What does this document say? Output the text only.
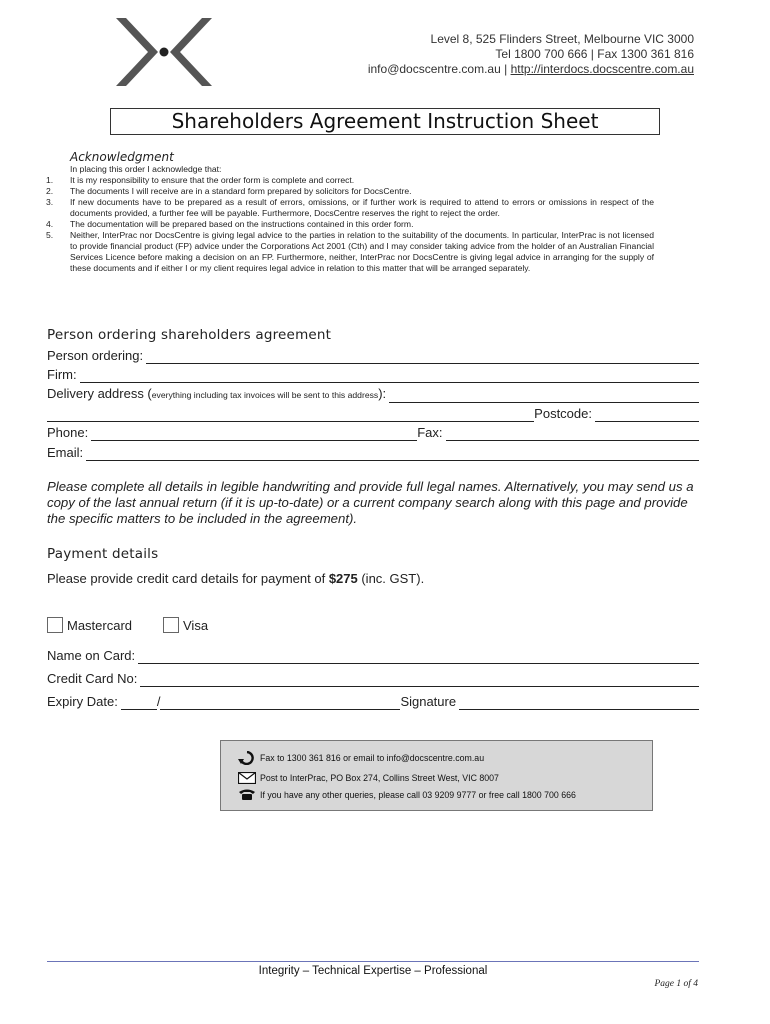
Level 8, 525 Flinders Street, Melbourne VIC 3000
Tel 1800 700 666 | Fax 1300 361 816
info@docscentre.com.au | http://interdocs.docscentre.com.au
Shareholders Agreement Instruction Sheet
Acknowledgment
In placing this order I acknowledge that:
1. It is my responsibility to ensure that the order form is complete and correct.
2. The documents I will receive are in a standard form prepared by solicitors for DocsCentre.
3. If new documents have to be prepared as a result of errors, omissions, or if further work is required to attend to errors or omissions in respect of the documents provided, a further fee will be payable. Furthermore, DocsCentre reserves the right to reject the order.
4. The documentation will be prepared based on the instructions contained in this order form.
5. Neither, InterPrac nor DocsCentre is giving legal advice to the parties in relation to the suitability of the documents. In particular, InterPrac is not licensed to provide financial product (FP) advice under the Corporations Act 2001 (Cth) and I may consider taking advice from the holder of an Australian Financial Services Licence before making a decision on an FP. Furthermore, neither, InterPrac nor DocsCentre is giving legal advice in arranging for the supply of these documents and if either I or my client requires legal advice in relation to this matter that will be arranged separately.
Person ordering shareholders agreement
Person ordering:
Firm:
Delivery address (everything including tax invoices will be sent to this address):
Postcode:
Phone:	Fax:
Email:
Please complete all details in legible handwriting and provide full legal names. Alternatively, you may send us a copy of the last annual return (if it is up-to-date) or a current company search along with this page and provide the specific matters to be included in the agreement).
Payment details
Please provide credit card details for payment of $275 (inc. GST).
Mastercard	Visa
Name on Card:
Credit Card No:
Expiry Date:	/	Signature
Fax to 1300 361 816 or email to info@docscentre.com.au
Post to InterPrac, PO Box 274, Collins Street West, VIC 8007
If you have any other queries, please call 03 9209 9777 or free call 1800 700 666
Integrity – Technical Expertise – Professional
Page 1 of 4
